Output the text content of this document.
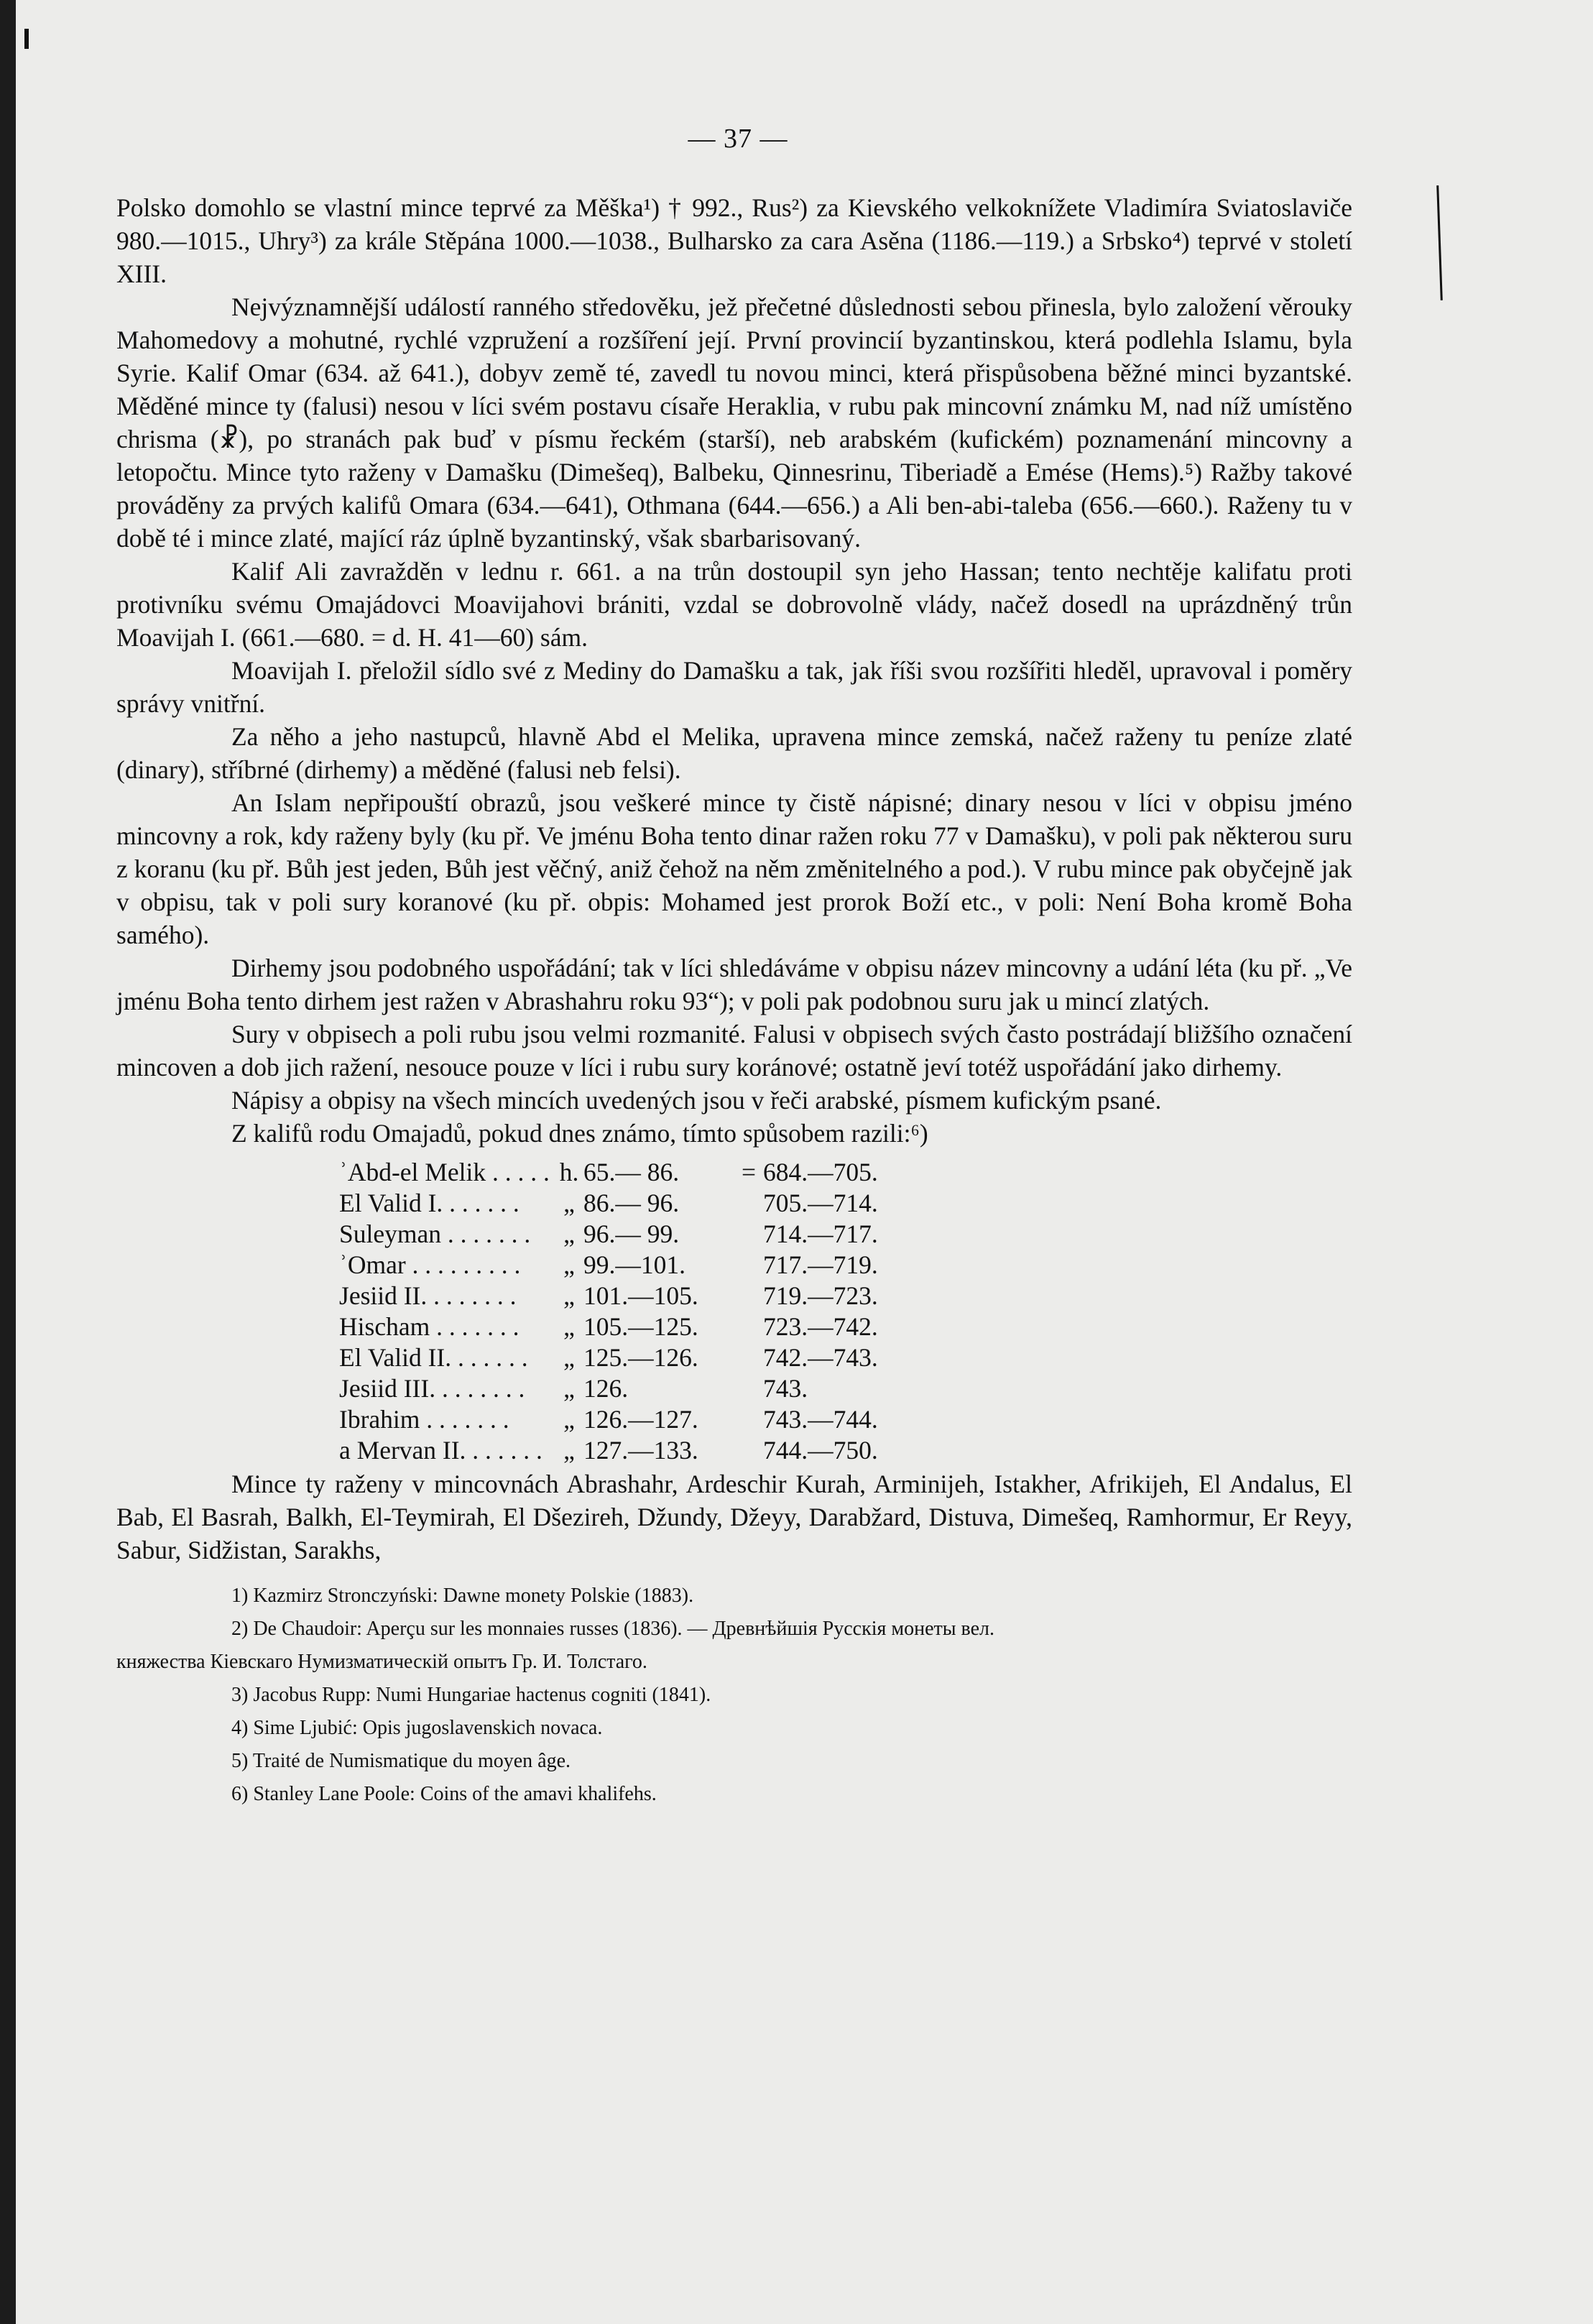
— 37 —

Polsko domohlo se vlastní mince teprvé za Měška¹) † 992., Rus²) za Kievského velkoknížete Vladimíra Sviatoslaviče 980.—1015., Uhry³) za krále Stěpána 1000.—1038., Bulharsko za cara Asěna (1186.—119.) a Srbsko⁴) teprvé v století XIII.

Nejvýznamnější událostí ranného středověku, jež přečetné důslednosti sebou přinesla, bylo založení věrouky Mahomedovy a mohutné, rychlé vzpružení a rozšíření její. První provincií byzantinskou, která podlehla Islamu, byla Syrie. Kalif Omar (634. až 641.), dobyv země té, zavedl tu novou minci, která přispůsobena běžné minci byzantské. Měděné mince ty (falusi) nesou v líci svém postavu císaře Heraklia, v rubu pak mincovní známku M, nad níž umístěno chrisma (☧), po stranách pak buď v písmu řeckém (starší), neb arabském (kufickém) poznamenání mincovny a letopočtu. Mince tyto raženy v Damašku (Dimešeq), Balbeku, Qinnesrinu, Tiberiadě a Emése (Hems).⁵) Ražby takové prováděny za prvých kalifů Omara (634.—641), Othmana (644.—656.) a Ali ben-abi-taleba (656.—660.). Raženy tu v době té i mince zlaté, mající ráz úplně byzantinský, však sbarbarisovaný.

Kalif Ali zavražděn v lednu r. 661. a na trůn dostoupil syn jeho Hassan; tento nechtěje kalifatu proti protivníku svému Omajádovci Moavijahovi brániti, vzdal se dobrovolně vlády, načež dosedl na uprázdněný trůn Moavijah I. (661.—680. = d. H. 41—60) sám.

Moavijah I. přeložil sídlo své z Mediny do Damašku a tak, jak říši svou rozšířiti hleděl, upravoval i poměry správy vnitřní.

Za něho a jeho nastupců, hlavně Abd el Melika, upravena mince zemská, načež raženy tu peníze zlaté (dinary), stříbrné (dirhemy) a měděné (falusi neb felsi).

An Islam nepřipouští obrazů, jsou veškeré mince ty čistě nápisné; dinary nesou v líci v obpisu jméno mincovny a rok, kdy raženy byly (ku př. Ve jménu Boha tento dinar ražen roku 77 v Damašku), v poli pak některou suru z koranu (ku př. Bůh jest jeden, Bůh jest věčný, aniž čehož na něm změnitelného a pod.). V rubu mince pak obyčejně jak v obpisu, tak v poli sury koranové (ku př. obpis: Mohamed jest prorok Boží etc., v poli: Není Boha kromě Boha samého).

Dirhemy jsou podobného uspořádání; tak v líci shledáváme v obpisu název mincovny a udání léta (ku př. „Ve jménu Boha tento dirhem jest ražen v Abrashahru roku 93“); v poli pak podobnou suru jak u mincí zlatých.

Sury v obpisech a poli rubu jsou velmi rozmanité. Falusi v obpisech svých často postrádají bližšího označení mincoven a dob jich ražení, nesouce pouze v líci i rubu sury koránové; ostatně jeví totéž uspořádání jako dirhemy.

Nápisy a obpisy na všech mincích uvedených jsou v řeči arabské, písmem kufickým psané.

Z kalifů rodu Omajadů, pokud dnes známo, tímto spůsobem razili:⁶)

ʾAbd-el Melik . . . . . h. 65.— 86.	= 684.—705.
El Valid I. . . . . . .	„ 86.— 96.	705.—714.
Suleyman . . . . . . .	„ 96.— 99.	714.—717.
ʾOmar . . . . . . . . .	„ 99.—101.	717.—719.
Jesiid II. . . . . . . .	„ 101.—105.	719.—723.
Hischam . . . . . . .	„ 105.—125.	723.—742.
El Valid II. . . . . . .	„ 125.—126.	742.—743.
Jesiid III. . . . . . . .	„ 126.	743.
Ibrahim . . . . . . .	„ 126.—127.	743.—744.
a Mervan II. . . . . . . „ 127.—133.	744.—750.

Mince ty raženy v mincovnách Abrashahr, Ardeschir Kurah, Arminijeh, Istakher, Afrikijeh, El Andalus, El Bab, El Basrah, Balkh, El-Teymirah, El Dšezireh, Džundy, Džeyy, Darabžard, Distuva, Dimešeq, Ramhormur, Er Reyy, Sabur, Sidžistan, Sarakhs,

1) Kazmirz Stronczyński: Dawne monety Polskie (1883).
2) De Chaudoir: Aperçu sur les monnaies russes (1836). — Древнѣйшія Русскія монеты вел.
княжества Кіевскаго Нумизматическій опытъ Гр. И. Толстаго.
3) Jacobus Rupp: Numi Hungariae hactenus cogniti (1841).
4) Sime Ljubić: Opis jugoslavenskich novaca.
5) Traité de Numismatique du moyen âge.
6) Stanley Lane Poole: Coins of the amavi khalifehs.
